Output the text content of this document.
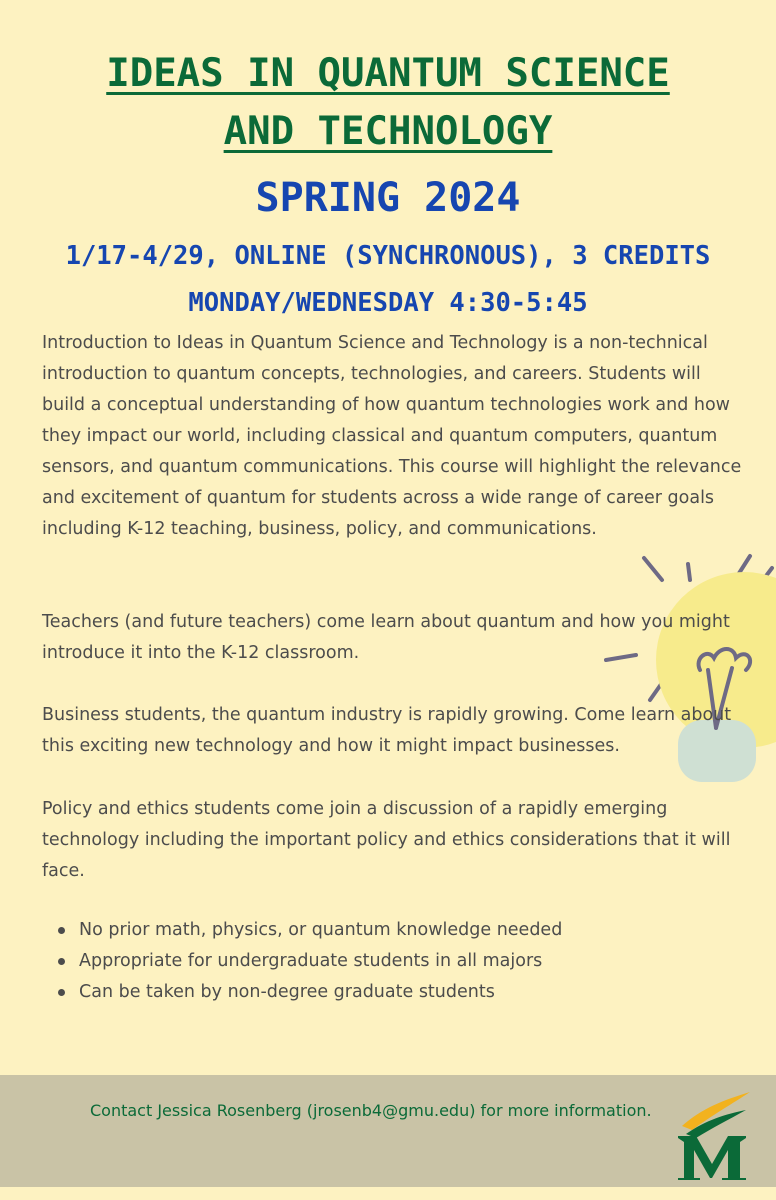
IDEAS IN QUANTUM SCIENCE
AND TECHNOLOGY
SPRING 2024
1/17-4/29, ONLINE (SYNCHRONOUS), 3 CREDITS
MONDAY/WEDNESDAY 4:30-5:45

Introduction to Ideas in Quantum Science and Technology is a non-technical introduction to quantum concepts, technologies, and careers. Students will build a conceptual understanding of how quantum technologies work and how they impact our world, including classical and quantum computers, quantum sensors, and quantum communications. This course will highlight the relevance and excitement of quantum for students across a wide range of career goals including K-12 teaching, business, policy, and communications.

Teachers (and future teachers) come learn about quantum and how you might introduce it into the K-12 classroom.

Business students, the quantum industry is rapidly growing. Come learn about this exciting new technology and how it might impact businesses.

Policy and ethics students come join a discussion of a rapidly emerging technology including the important policy and ethics considerations that it will face.

No prior math, physics, or quantum knowledge needed
Appropriate for undergraduate students in all majors
Can be taken by non-degree graduate students

Contact Jessica Rosenberg (jrosenb4@gmu.edu) for more information.
